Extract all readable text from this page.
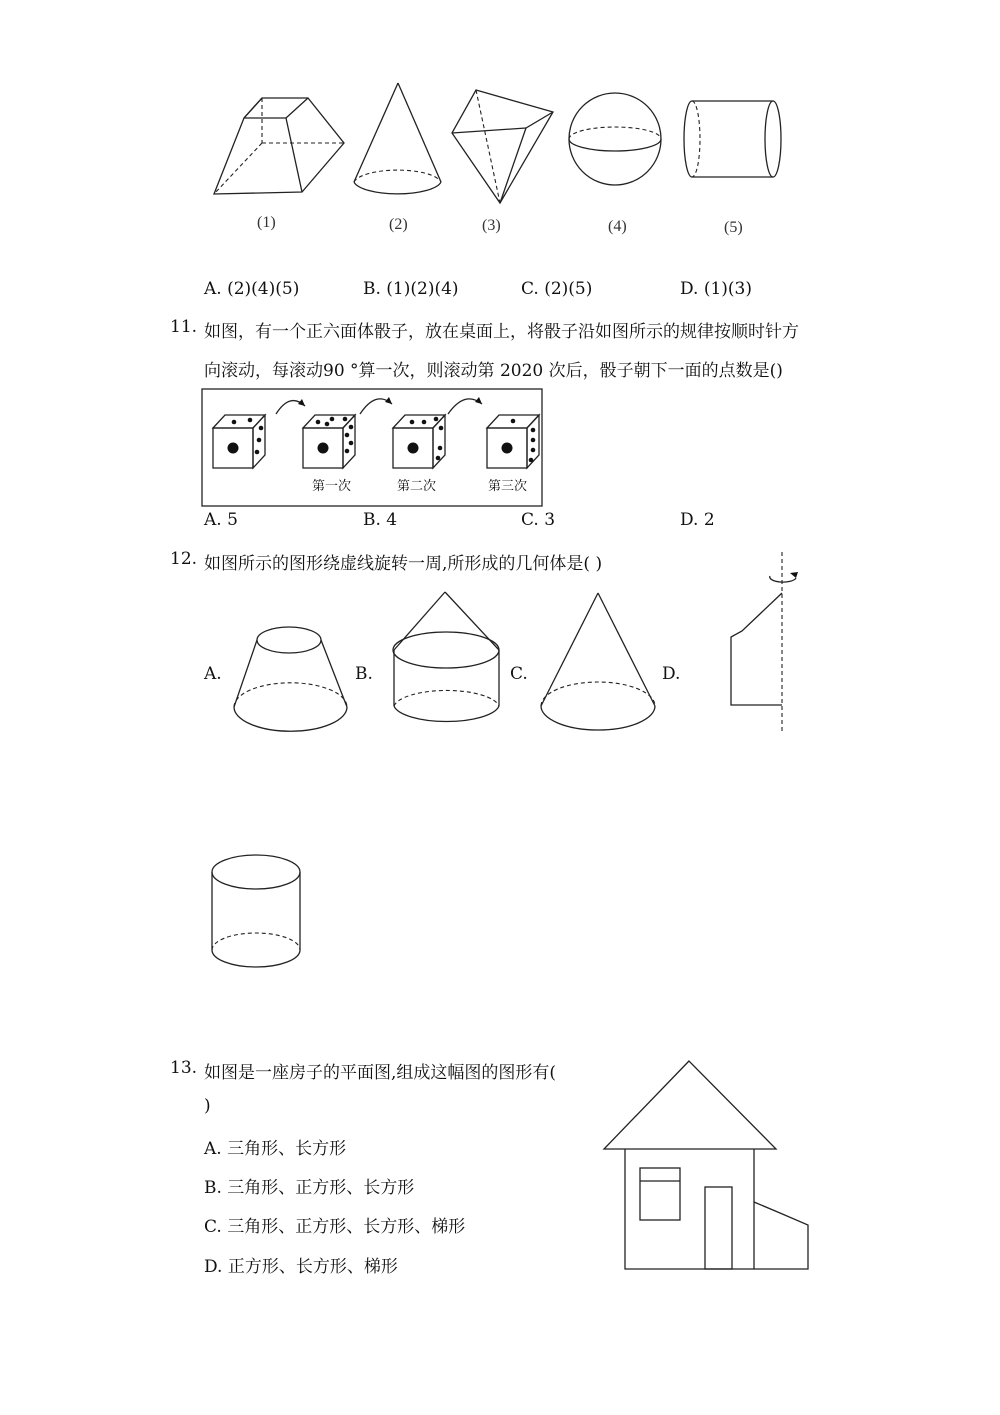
(1)	(2)	(3)	(4)	(5)
A. (2)(4)(5)	B. (1)(2)(4)	C. (2)(5)	D. (1)(3)
11. 如图，有一个正六面体骰子，放在桌面上，将骰子沿如图所示的规律按顺时针方
向滚动，每滚动90 °算一次，则滚动第 2020 次后，骰子朝下一面的点数是()
第一次	第二次	第三次
A. 5	B. 4	C. 3	D. 2
12. 如图所示的图形绕虚线旋转一周,所形成的几何体是( )
A.	B.	C.	D.
13. 如图是一座房子的平面图,组成这幅图的图形有(
)
A. 三角形、长方形
B. 三角形、正方形、长方形
C. 三角形、正方形、长方形、梯形
D. 正方形、长方形、梯形
